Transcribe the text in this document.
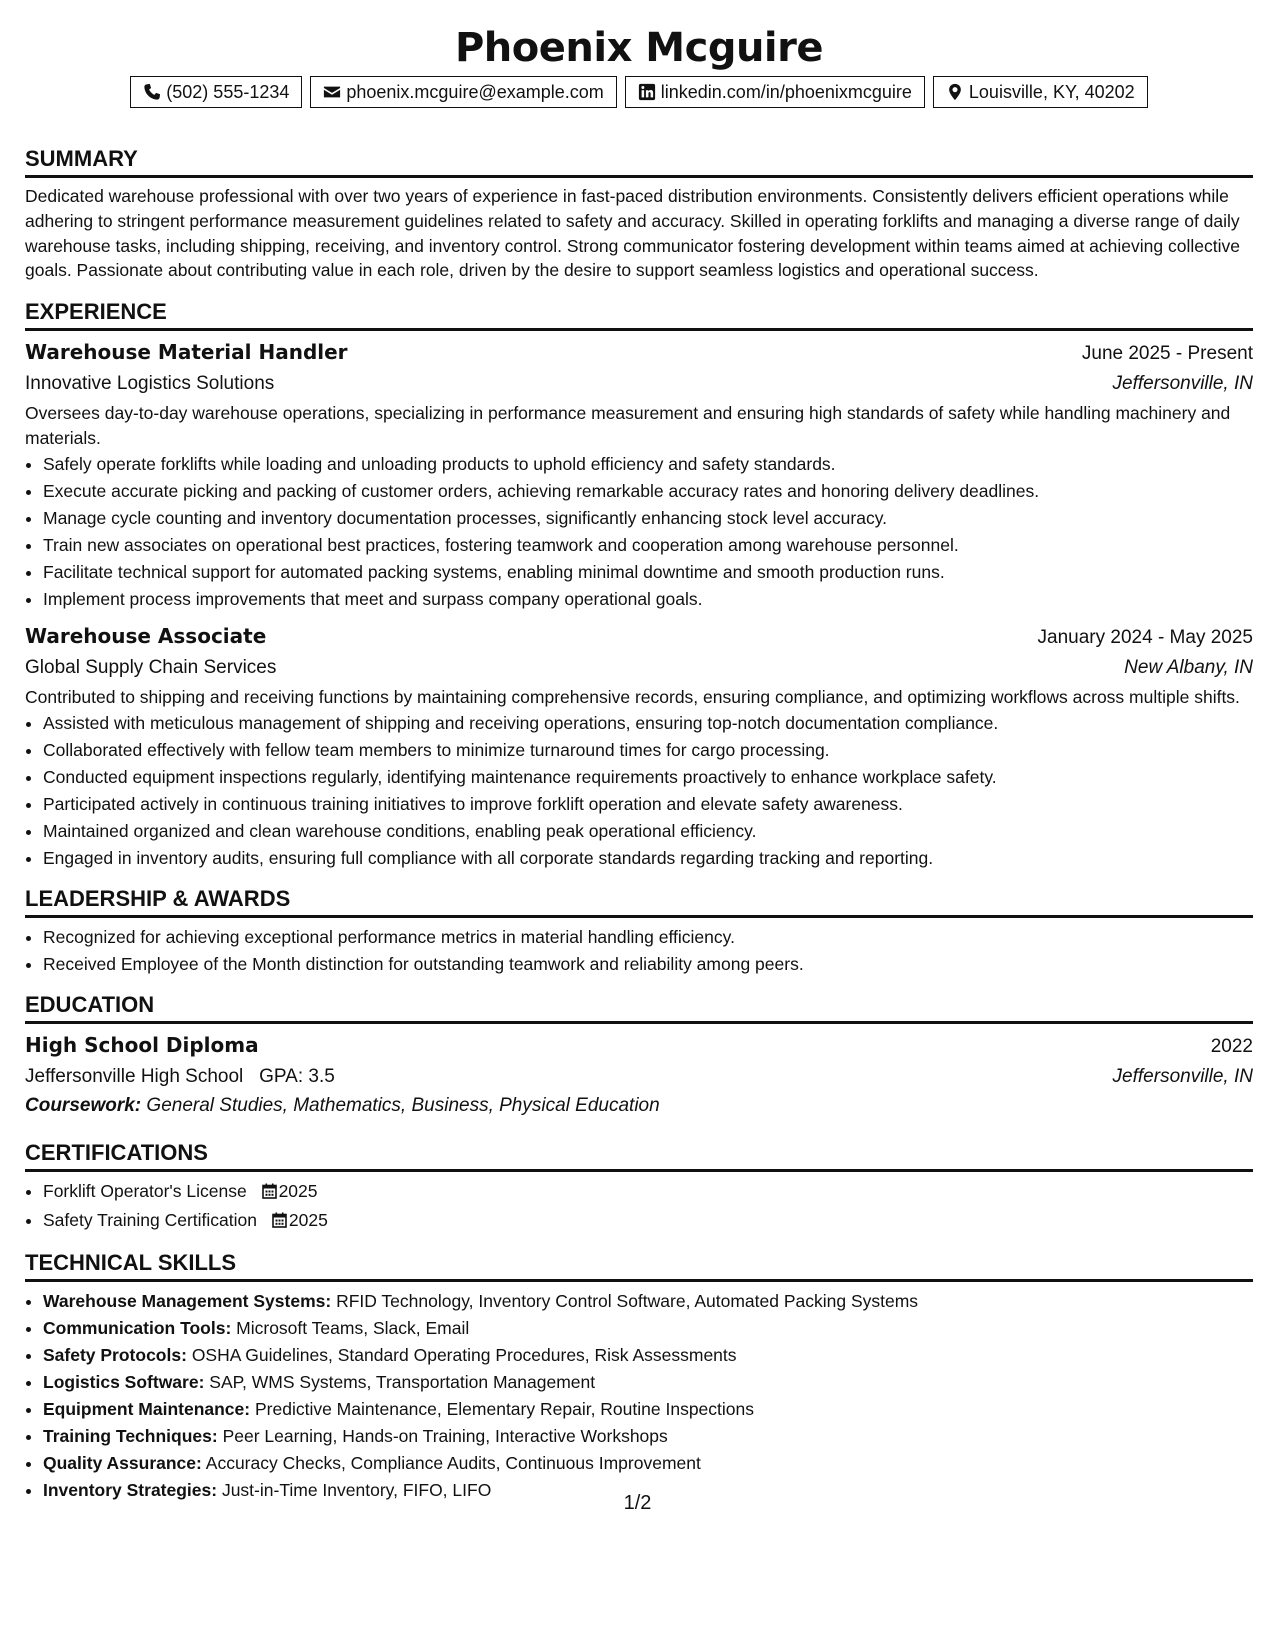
Phoenix Mcguire
(502) 555-1234	phoenix.mcguire@example.com	linkedin.com/in/phoenixmcguire	Louisville, KY, 40202
SUMMARY

Dedicated warehouse professional with over two years of experience in fast-paced distribution environments. Consistently delivers efficient operations while adhering to stringent performance measurement guidelines related to safety and accuracy. Skilled in operating forklifts and managing a diverse range of daily warehouse tasks, including shipping, receiving, and inventory control. Strong communicator fostering development within teams aimed at achieving collective goals. Passionate about contributing value in each role, driven by the desire to support seamless logistics and operational success.

EXPERIENCE
Warehouse Material Handler	June 2025 - Present
Innovative Logistics Solutions	Jeffersonville, IN

Oversees day-to-day warehouse operations, specializing in performance measurement and ensuring high standards of safety while handling machinery and materials.

• Safely operate forklifts while loading and unloading products to uphold efficiency and safety standards.
• Execute accurate picking and packing of customer orders, achieving remarkable accuracy rates and honoring delivery deadlines.
• Manage cycle counting and inventory documentation processes, significantly enhancing stock level accuracy.
• Train new associates on operational best practices, fostering teamwork and cooperation among warehouse personnel.
• Facilitate technical support for automated packing systems, enabling minimal downtime and smooth production runs.
• Implement process improvements that meet and surpass company operational goals.
Warehouse Associate	January 2024 - May 2025
Global Supply Chain Services	New Albany, IN

Contributed to shipping and receiving functions by maintaining comprehensive records, ensuring compliance, and optimizing workflows across multiple shifts.

• Assisted with meticulous management of shipping and receiving operations, ensuring top-notch documentation compliance.
• Collaborated effectively with fellow team members to minimize turnaround times for cargo processing.
• Conducted equipment inspections regularly, identifying maintenance requirements proactively to enhance workplace safety.
• Participated actively in continuous training initiatives to improve forklift operation and elevate safety awareness.
• Maintained organized and clean warehouse conditions, enabling peak operational efficiency.
• Engaged in inventory audits, ensuring full compliance with all corporate standards regarding tracking and reporting.
LEADERSHIP & AWARDS
• Recognized for achieving exceptional performance metrics in material handling efficiency.
• Received Employee of the Month distinction for outstanding teamwork and reliability among peers.
EDUCATION
High School Diploma	2022
Jeffersonville High School GPA: 3.5	Jeffersonville, IN
Coursework: General Studies, Mathematics, Business, Physical Education
CERTIFICATIONS
• Forklift Operator's License 2025
• Safety Training Certification 2025
TECHNICAL SKILLS
• Warehouse Management Systems: RFID Technology, Inventory Control Software, Automated Packing Systems
• Communication Tools: Microsoft Teams, Slack, Email
• Safety Protocols: OSHA Guidelines, Standard Operating Procedures, Risk Assessments
• Logistics Software: SAP, WMS Systems, Transportation Management
• Equipment Maintenance: Predictive Maintenance, Elementary Repair, Routine Inspections
• Training Techniques: Peer Learning, Hands-on Training, Interactive Workshops
• Quality Assurance: Accuracy Checks, Compliance Audits, Continuous Improvement
• Inventory Strategies: Just-in-Time Inventory, FIFO, LIFO
1/2
